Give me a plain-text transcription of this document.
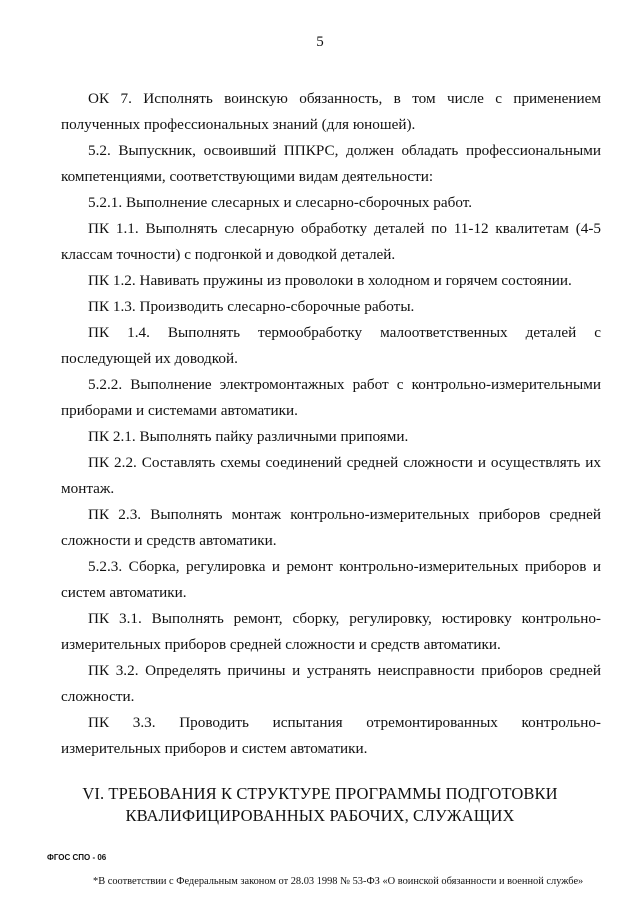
5

ОК 7. Исполнять воинскую обязанность, в том числе с применением полученных профессиональных знаний (для юношей).

5.2. Выпускник, освоивший ППКРС, должен обладать профессиональными компетенциями, соответствующими видам деятельности:

5.2.1. Выполнение слесарных и слесарно-сборочных работ.

ПК 1.1. Выполнять слесарную обработку деталей по 11-12 квалитетам (4-5 классам точности) с подгонкой и доводкой деталей.

ПК 1.2. Навивать пружины из проволоки в холодном и горячем состоянии.

ПК 1.3. Производить слесарно-сборочные работы.

ПК 1.4. Выполнять термообработку малоответственных деталей с последующей их доводкой.

5.2.2. Выполнение электромонтажных работ с контрольно-измерительными приборами и системами автоматики.

ПК 2.1. Выполнять пайку различными припоями.

ПК 2.2. Составлять схемы соединений средней сложности и осуществлять их монтаж.

ПК 2.3. Выполнять монтаж контрольно-измерительных приборов средней сложности и средств автоматики.

5.2.3. Сборка, регулировка и ремонт контрольно-измерительных приборов и систем автоматики.

ПК 3.1. Выполнять ремонт, сборку, регулировку, юстировку контрольно-измерительных приборов средней сложности и средств автоматики.

ПК 3.2. Определять причины и устранять неисправности приборов средней сложности.

ПК 3.3. Проводить испытания отремонтированных контрольно-измерительных приборов и систем автоматики.

VI. ТРЕБОВАНИЯ К СТРУКТУРЕ ПРОГРАММЫ ПОДГОТОВКИ
КВАЛИФИЦИРОВАННЫХ РАБОЧИХ, СЛУЖАЩИХ
ФГОС СПО - 06
*В соответствии с Федеральным законом от 28.03 1998 № 53-ФЗ «О воинской обязанности и военной службе»
